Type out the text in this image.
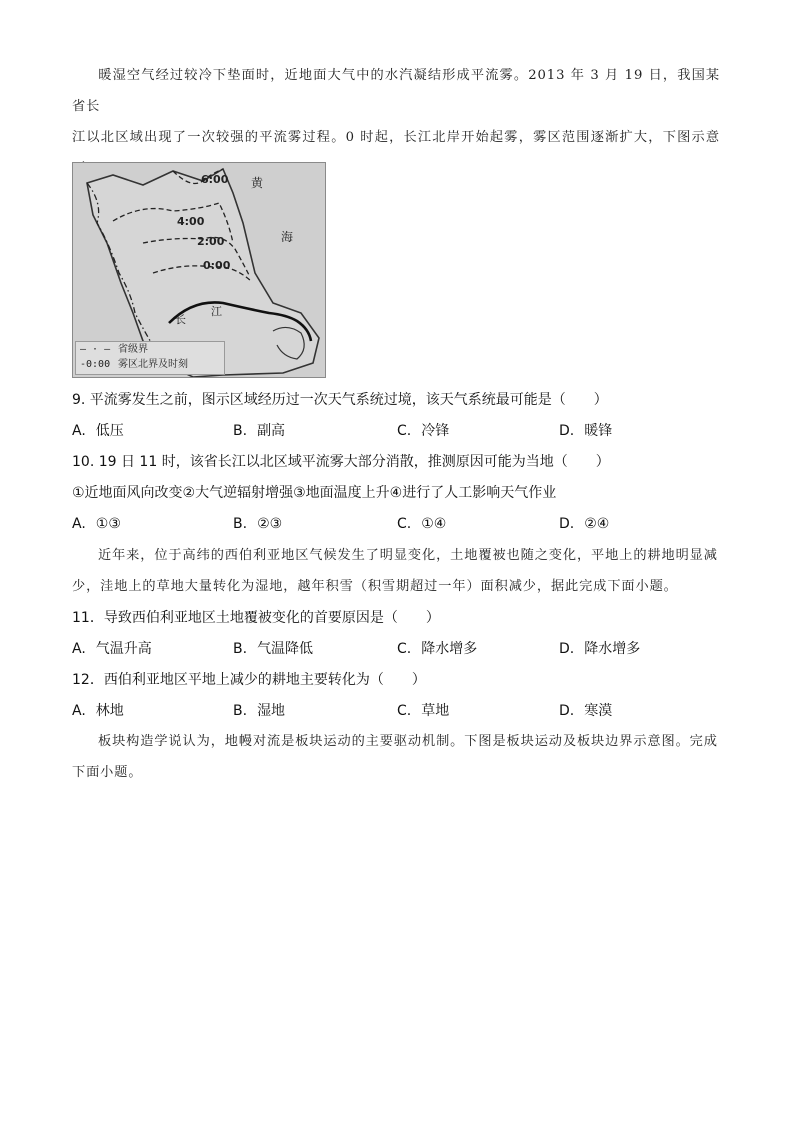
暖湿空气经过较冷下垫面时，近地面大气中的水汽凝结形成平流雾。2013 年 3 月 19 日，我国某省长
江以北区域出现了一次较强的平流雾过程。0 时起，长江北岸开始起雾，雾区范围逐渐扩大，下图示意
6:00
4:00
2:00
0:00
黄
海
长
江
— · — 省级界
-0:00 雾区北界及时刻
9. 平流雾发生之前，图示区域经历过一次天气系统过境，该天气系统最可能是（　　）
A. 低压	B. 副高	C. 冷锋	D. 暖锋
10. 19 日 11 时，该省长江以北区域平流雾大部分消散，推测原因可能为当地（　　）
①近地面风向改变②大气逆辐射增强③地面温度上升④进行了人工影响天气作业
A. ①③	B. ②③	C. ①④	D. ②④
近年来，位于高纬的西伯利亚地区气候发生了明显变化，土地覆被也随之变化，平地上的耕地明显减
少，洼地上的草地大量转化为湿地，越年积雪（积雪期超过一年）面积减少，据此完成下面小题。
11．导致西伯利亚地区土地覆被变化的首要原因是（　　）
A. 气温升高	B. 气温降低	C. 降水增多	D. 降水增多
12．西伯利亚地区平地上减少的耕地主要转化为（　　）
A. 林地	B. 湿地	C. 草地	D. 寒漠
板块构造学说认为，地幔对流是板块运动的主要驱动机制。下图是板块运动及板块边界示意图。完成
下面小题。
